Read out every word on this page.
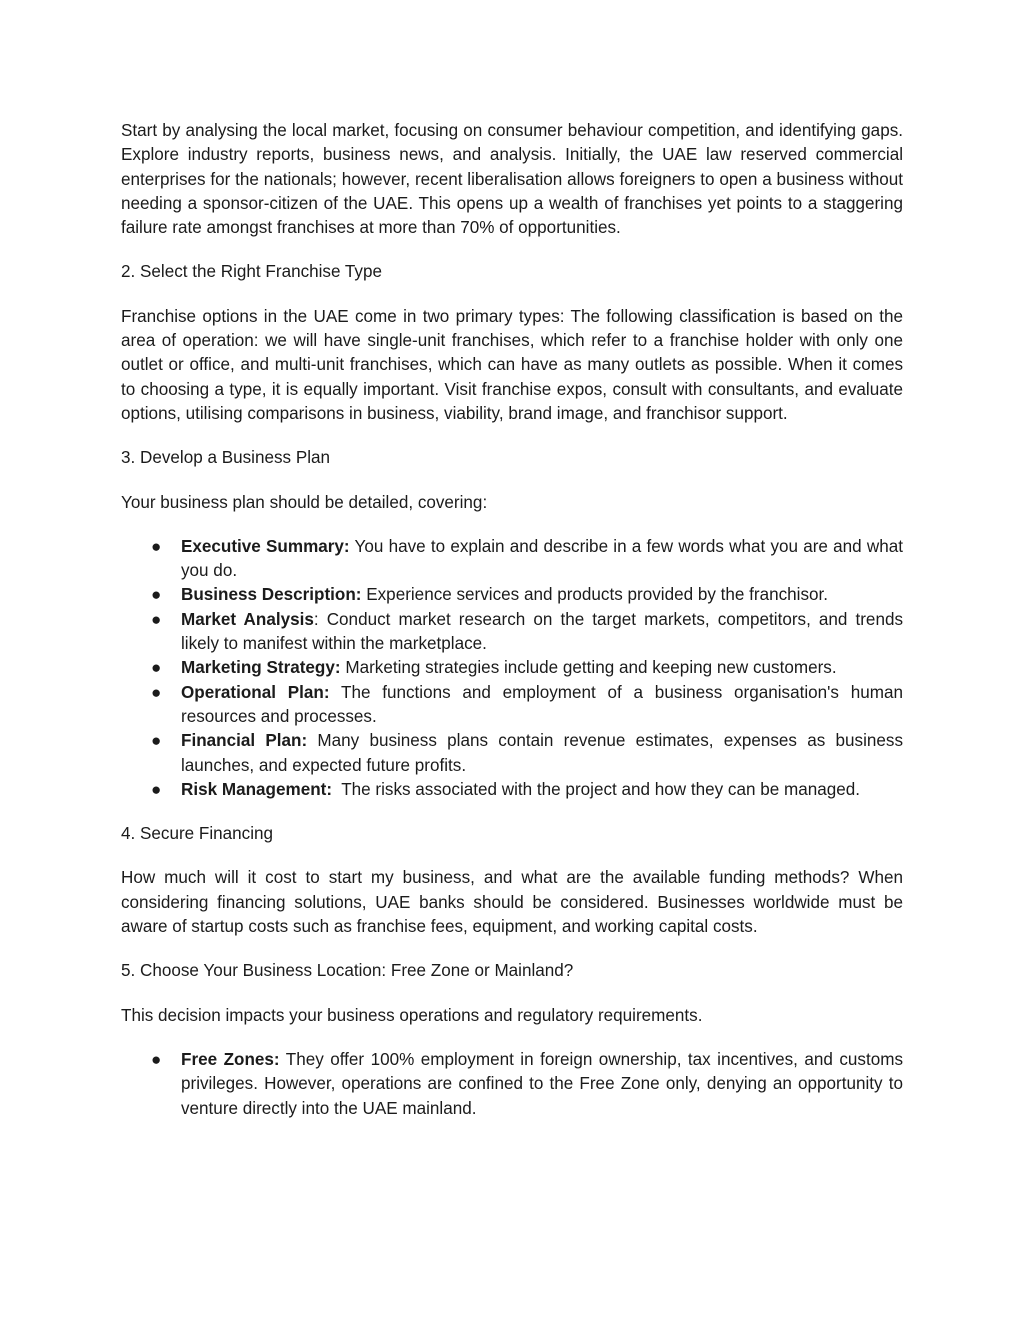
Start by analysing the local market, focusing on consumer behaviour competition, and identifying gaps. Explore industry reports, business news, and analysis. Initially, the UAE law reserved commercial enterprises for the nationals; however, recent liberalisation allows foreigners to open a business without needing a sponsor-citizen of the UAE. This opens up a wealth of franchises yet points to a staggering failure rate amongst franchises at more than 70% of opportunities.

2. Select the Right Franchise Type

Franchise options in the UAE come in two primary types: The following classification is based on the area of operation: we will have single-unit franchises, which refer to a franchise holder with only one outlet or office, and multi-unit franchises, which can have as many outlets as possible. When it comes to choosing a type, it is equally important. Visit franchise expos, consult with consultants, and evaluate options, utilising comparisons in business, viability, brand image, and franchisor support.

3. Develop a Business Plan

Your business plan should be detailed, covering:

● Executive Summary: You have to explain and describe in a few words what you are and what you do.
● Business Description: Experience services and products provided by the franchisor.
● Market Analysis: Conduct market research on the target markets, competitors, and trends likely to manifest within the marketplace.
● Marketing Strategy: Marketing strategies include getting and keeping new customers.
● Operational Plan: The functions and employment of a business organisation's human resources and processes.
● Financial Plan: Many business plans contain revenue estimates, expenses as business launches, and expected future profits.
● Risk Management:  The risks associated with the project and how they can be managed.

4. Secure Financing

How much will it cost to start my business, and what are the available funding methods? When considering financing solutions, UAE banks should be considered. Businesses worldwide must be aware of startup costs such as franchise fees, equipment, and working capital costs.

5. Choose Your Business Location: Free Zone or Mainland?

This decision impacts your business operations and regulatory requirements.

● Free Zones: They offer 100% employment in foreign ownership, tax incentives, and customs privileges. However, operations are confined to the Free Zone only, denying an opportunity to venture directly into the UAE mainland.
